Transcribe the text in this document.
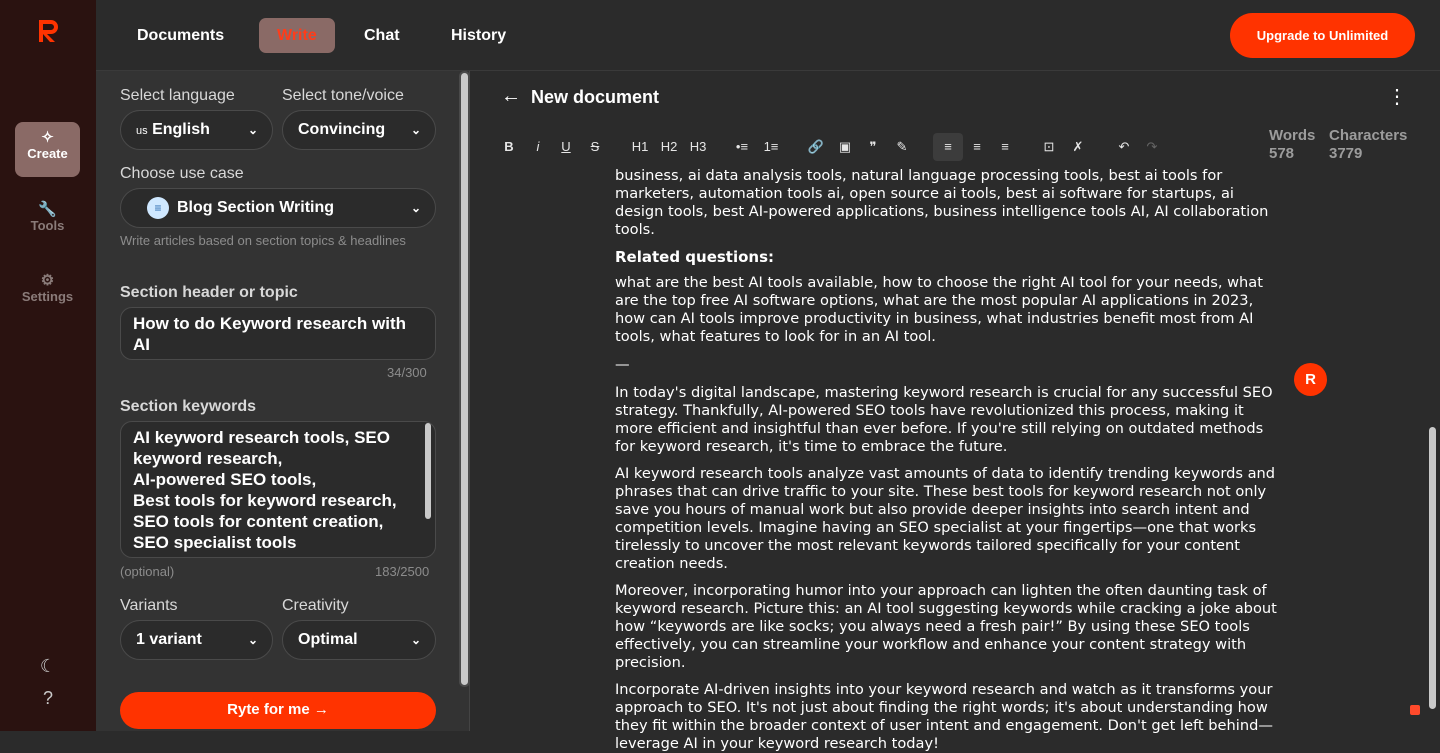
✧
Create
🔧
Tools
⚙
Settings
☾
?
Documents	Write	Chat	History	Upgrade to Unlimited
Select language	Select tone/voice
us English	⌄	Convincing ⌄
Choose use case
≡ Blog Section Writing	⌄
Write articles based on section topics & headlines
Section header or topic
How to do Keyword research with AI
34/300
Section keywords
AI keyword research tools, SEO keyword research,
AI-powered SEO tools,
Best tools for keyword research,
SEO tools for content creation,
SEO specialist tools
(optional)	183/2500
Variants	Creativity
1 variant	⌄	Optimal	⌄
Ryte for me →
← New document	⋮
B	i	U	S	H1 H2 H3	•≡	1≡	🔗	▣	❞	✎	≡	≡	≡	⊡	✗	↶	↷
Words
578
Characters
3779

business, ai data analysis tools, natural language processing tools, best ai tools for marketers, automation tools ai, open source ai tools, best ai software for startups, ai design tools, best AI-powered applications, business intelligence tools AI, AI collaboration tools.

Related questions:

what are the best AI tools available, how to choose the right AI tool for your needs, what are the top free AI software options, what are the most popular AI applications in 2023, how can AI tools improve productivity in business, what industries benefit most from AI tools, what features to look for in an AI tool.

—

In today's digital landscape, mastering keyword research is crucial for any successful SEO strategy. Thankfully, AI-powered SEO tools have revolutionized this process, making it more efficient and insightful than ever before. If you're still relying on outdated methods for keyword research, it's time to embrace the future.

AI keyword research tools analyze vast amounts of data to identify trending keywords and phrases that can drive traffic to your site. These best tools for keyword research not only save you hours of manual work but also provide deeper insights into search intent and competition levels. Imagine having an SEO specialist at your fingertips—one that works tirelessly to uncover the most relevant keywords tailored specifically for your content creation needs.

Moreover, incorporating humor into your approach can lighten the often daunting task of keyword research. Picture this: an AI tool suggesting keywords while cracking a joke about how “keywords are like socks; you always need a fresh pair!” By using these SEO tools effectively, you can streamline your workflow and enhance your content strategy with precision.

Incorporate AI-driven insights into your keyword research and watch as it transforms your approach to SEO. It's not just about finding the right words; it's about understanding how they fit within the broader context of user intent and engagement. Don't get left behind—leverage AI in your keyword research today!

R
